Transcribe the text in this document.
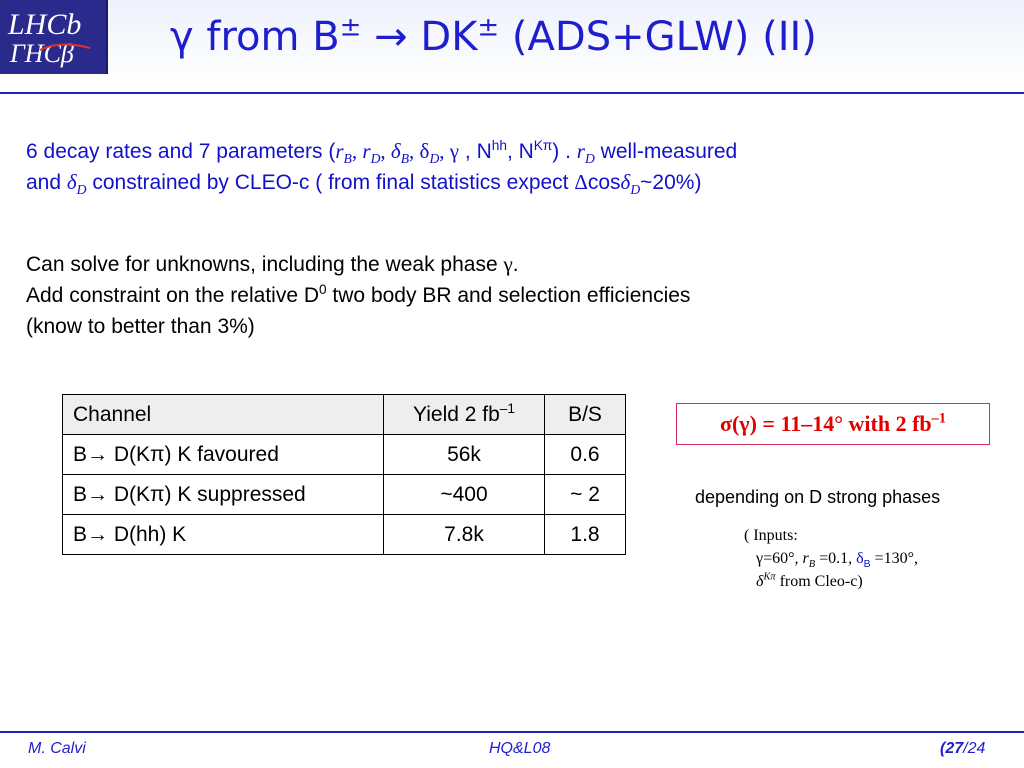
LHCb
ΓHCβ γ from B± → DK± (ADS+GLW) (II)
6 decay rates and 7 parameters ($r_B$, $r_D$, $\delta_B$, $\delta_D$, γ , $N^{hh}$, $N^{K\pi}$) . $r_D$ well-measured
and $\delta_D$ constrained by CLEO-c ( from final statistics expect Δcosδ$_D$~20%)
Can solve for unknowns, including the weak phase γ.
Add constraint on the relative $D^0$ two body BR and selection efficiencies
(know to better than 3%)
Channel	Yield 2 $fb^{-1}$	B/S
B→ D(Kπ) K favoured	56k	0.6
B→ D(Kπ) K suppressed	~400	~ 2
B→ D(hh) K	7.8k	1.8
σ(γ) = 11–14° with 2 $fb^{-1}$
depending on D strong phases
( Inputs:
γ=60°, $r_B =0.1$, $\delta_B =130^\circ$,
$\delta^{K\pi}$ from Cleo-c)
M. Calvi	HQ&L08	(27/24
